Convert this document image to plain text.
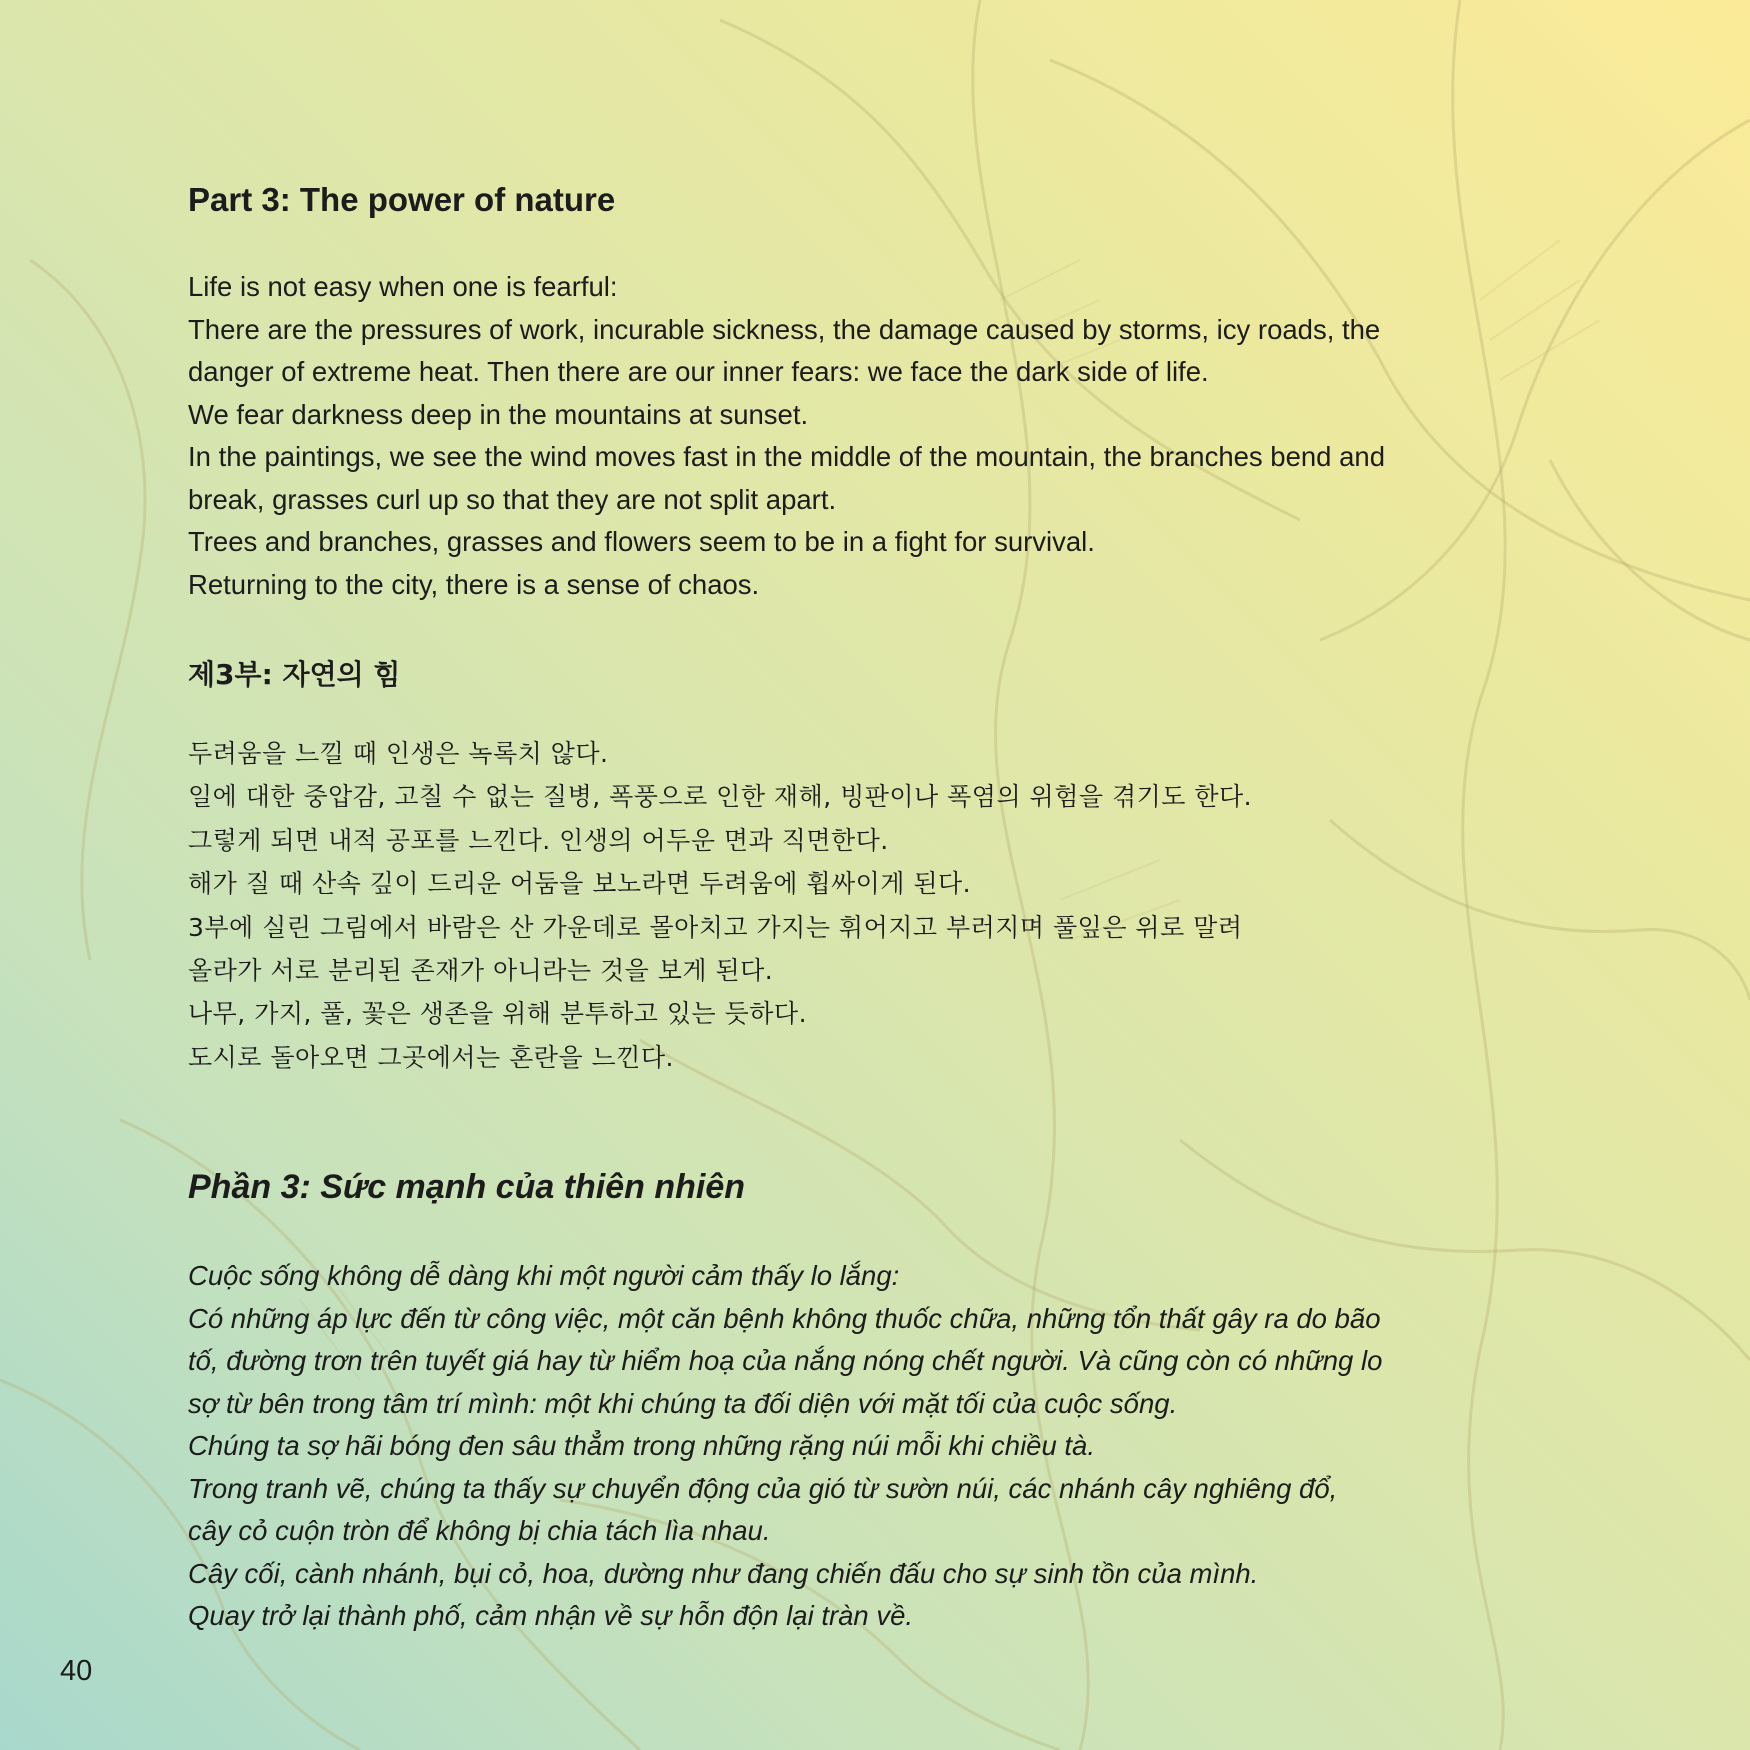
Part 3: The power of nature
Life is not easy when one is fearful:
There are the pressures of work, incurable sickness, the damage caused by storms, icy roads, the
danger of extreme heat. Then there are our inner fears: we face the dark side of life.
We fear darkness deep in the mountains at sunset.
In the paintings, we see the wind moves fast in the middle of the mountain, the branches bend and
break, grasses curl up so that they are not split apart.
Trees and branches, grasses and flowers seem to be in a fight for survival.
Returning to the city, there is a sense of chaos.
제3부: 자연의 힘
두려움을 느낄 때 인생은 녹록치 않다.
일에 대한 중압감, 고칠 수 없는 질병, 폭풍으로 인한 재해, 빙판이나 폭염의 위험을 겪기도 한다.
그렇게 되면 내적 공포를 느낀다. 인생의 어두운 면과 직면한다.
해가 질 때 산속 깊이 드리운 어둠을 보노라면 두려움에 휩싸이게 된다.
3부에 실린 그림에서 바람은 산 가운데로 몰아치고 가지는 휘어지고 부러지며 풀잎은 위로 말려
올라가 서로 분리된 존재가 아니라는 것을 보게 된다.
나무, 가지, 풀, 꽃은 생존을 위해 분투하고 있는 듯하다.
도시로 돌아오면 그곳에서는 혼란을 느낀다.
Phần 3: Sức mạnh của thiên nhiên
Cuộc sống không dễ dàng khi một người cảm thấy lo lắng:
Có những áp lực đến từ công việc, một căn bệnh không thuốc chữa, những tổn thất gây ra do bão
tố, đường trơn trên tuyết giá hay từ hiểm hoạ của nắng nóng chết người. Và cũng còn có những lo
sợ từ bên trong tâm trí mình: một khi chúng ta đối diện với mặt tối của cuộc sống.
Chúng ta sợ hãi bóng đen sâu thẳm trong những rặng núi mỗi khi chiều tà.
Trong tranh vẽ, chúng ta thấy sự chuyển động của gió từ sườn núi, các nhánh cây nghiêng đổ,
cây cỏ cuộn tròn để không bị chia tách lìa nhau.
Cây cối, cành nhánh, bụi cỏ, hoa, dường như đang chiến đấu cho sự sinh tồn của mình.
Quay trở lại thành phố, cảm nhận về sự hỗn độn lại tràn về.
40
